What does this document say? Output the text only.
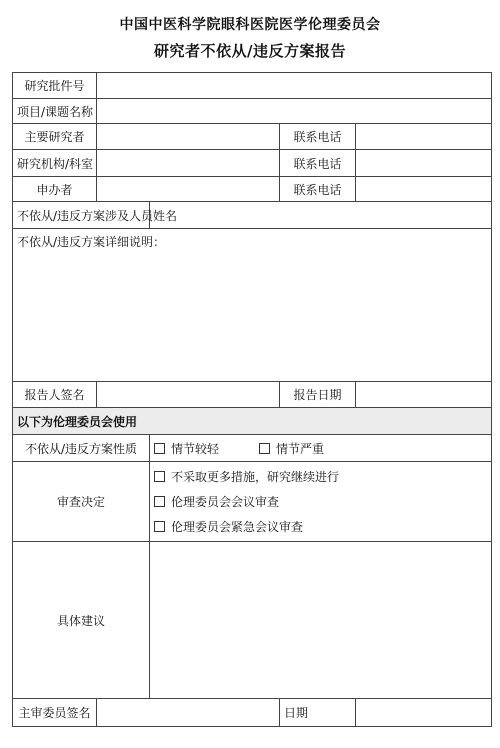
中国中医科学院眼科医院医学伦理委员会
研究者不依从/违反方案报告
研究批件号				
项目/课题名称				
主要研究者			联系电话	
研究机构/科室			联系电话	
申办者			联系电话	
不依从/违反方案涉及人员姓名				
不依从/违反方案详细说明：				
报告人签名			报告日期	
以下为伦理委员会使用				
不依从/违反方案性质		情节较轻 情节严重		

审查决定		不采取更多措施，研究继续进行
伦理委员会会议审查
伦理委员会紧急会议审查		

具体建议				
主审委员签名			日期	
